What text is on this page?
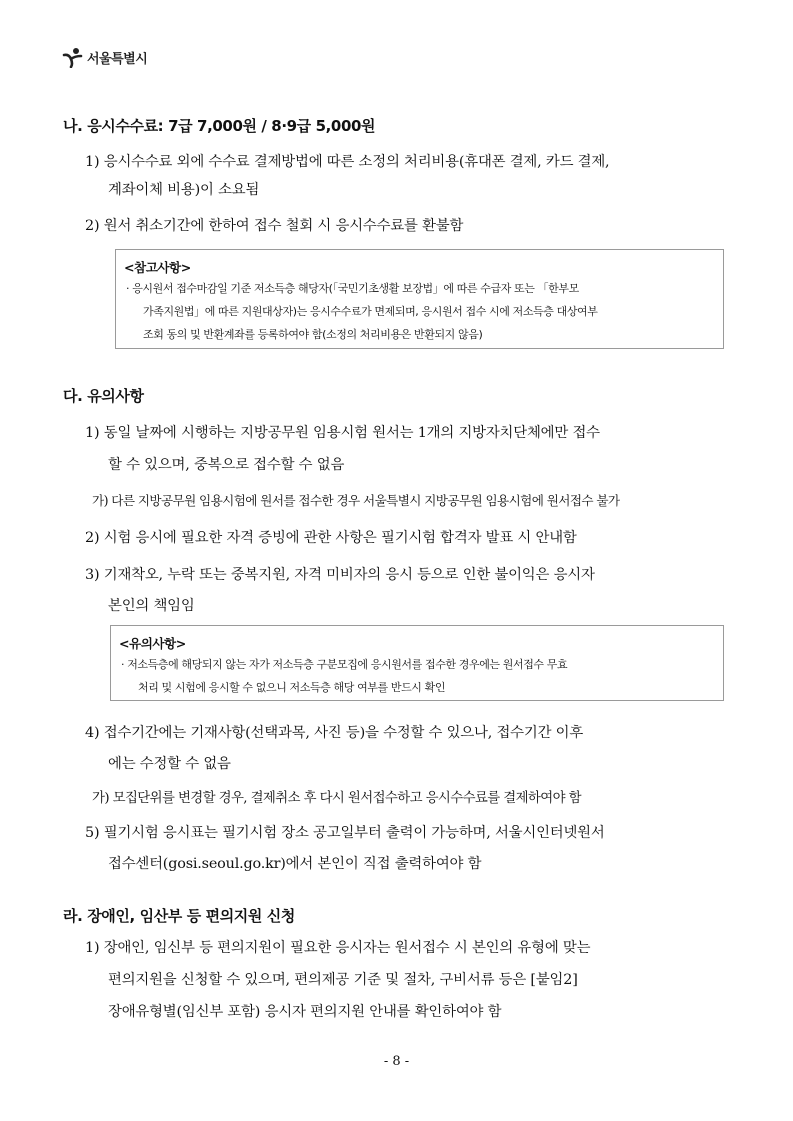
서울특별시
나. 응시수수료: 7급 7,000원 / 8·9급 5,000원
1) 응시수수료 외에 수수료 결제방법에 따른 소정의 처리비용(휴대폰 결제, 카드 결제,
계좌이체 비용)이 소요됨
2) 원서 취소기간에 한하여 접수 철회 시 응시수수료를 환불함
<참고사항>
· 응시원서 접수마감일 기준 저소득층 해당자(「국민기초생활 보장법」에 따른 수급자 또는 「한부모
가족지원법」에 따른 지원대상자)는 응시수수료가 면제되며, 응시원서 접수 시에 저소득층 대상여부
조회 동의 및 반환계좌를 등록하여야 함(소정의 처리비용은 반환되지 않음)
다. 유의사항
1) 동일 날짜에 시행하는 지방공무원 임용시험 원서는 1개의 지방자치단체에만 접수
할 수 있으며, 중복으로 접수할 수 없음
가) 다른 지방공무원 임용시험에 원서를 접수한 경우 서울특별시 지방공무원 임용시험에 원서접수 불가
2) 시험 응시에 필요한 자격 증빙에 관한 사항은 필기시험 합격자 발표 시 안내함
3) 기재착오, 누락 또는 중복지원, 자격 미비자의 응시 등으로 인한 불이익은 응시자
본인의 책임임
<유의사항>
· 저소득층에 해당되지 않는 자가 저소득층 구분모집에 응시원서를 접수한 경우에는 원서접수 무효
처리 및 시험에 응시할 수 없으니 저소득층 해당 여부를 반드시 확인
4) 접수기간에는 기재사항(선택과목, 사진 등)을 수정할 수 있으나, 접수기간 이후
에는 수정할 수 없음
가) 모집단위를 변경할 경우, 결제취소 후 다시 원서접수하고 응시수수료를 결제하여야 함
5) 필기시험 응시표는 필기시험 장소 공고일부터 출력이 가능하며, 서울시인터넷원서
접수센터(gosi.seoul.go.kr)에서 본인이 직접 출력하여야 함
라. 장애인, 임산부 등 편의지원 신청
1) 장애인, 임신부 등 편의지원이 필요한 응시자는 원서접수 시 본인의 유형에 맞는
편의지원을 신청할 수 있으며, 편의제공 기준 및 절차, 구비서류 등은 [붙임2]
장애유형별(임신부 포함) 응시자 편의지원 안내를 확인하여야 함
- 8 -
